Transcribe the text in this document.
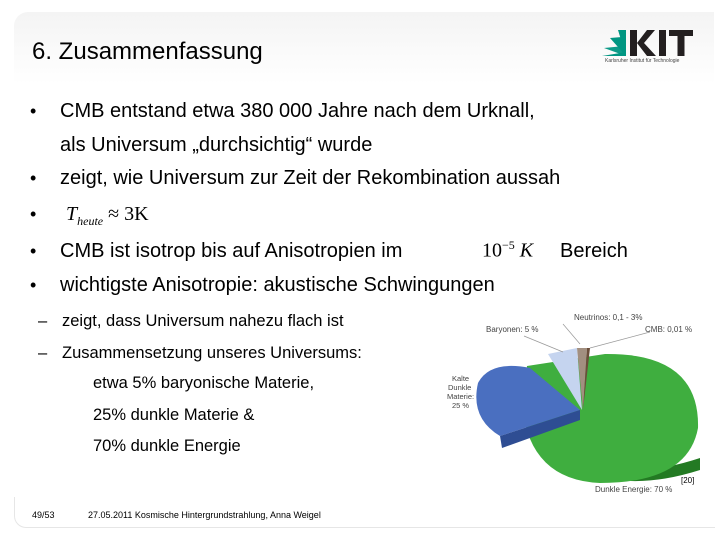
6. Zusammenfassung	Karlsruher Institut für Technologie
• CMB entstand etwa 380 000 Jahre nach dem Urknall,
als Universum „durchsichtig“ wurde
• zeigt, wie Universum zur Zeit der Rekombination aussah
• $T_{heute} \approx 3K$
• CMB ist isotrop bis auf Anisotropien im	$10^{-5}$ K Bereich
• wichtigste Anisotropie: akustische Schwingungen
– zeigt, dass Universum nahezu flach ist
– Zusammensetzung unseres Universums:
etwa 5% baryonische Materie,
25% dunkle Materie &
70% dunkle Energie
Neutrinos: 0,1 - 3%
Baryonen: 5 %	CMB: 0,01 %
Kalte
Dunkle
Materie:
25 %
Dunkle Energie: 70 %
[20]
49/53	27.05.2011 Kosmische Hintergrundstrahlung, Anna Weigel
